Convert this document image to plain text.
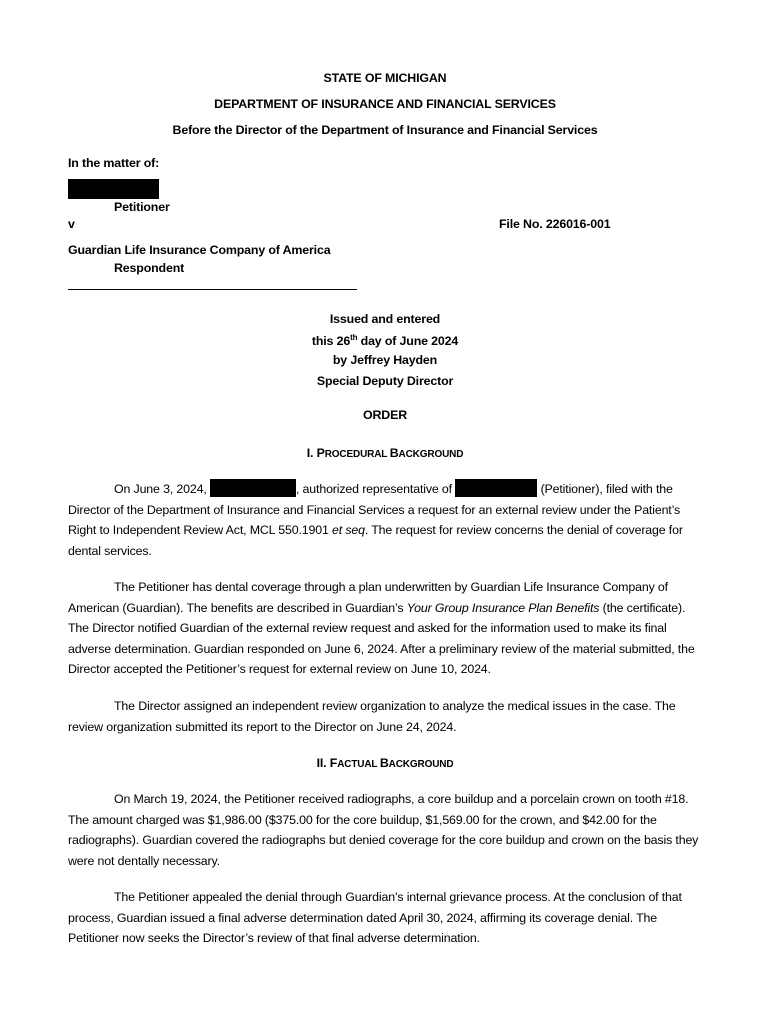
STATE OF MICHIGAN
DEPARTMENT OF INSURANCE AND FINANCIAL SERVICES
Before the Director of the Department of Insurance and Financial Services
In the matter of:
Petitioner
v	File No. 226016-001
Guardian Life Insurance Company of America
Respondent
Issued and entered
this 26th day of June 2024
by Jeffrey Hayden
Special Deputy Director
ORDER
I. PROCEDURAL BACKGROUND

On June 3, 2024,	, authorized representative of	(Petitioner), filed with the Director of the Department of Insurance and Financial Services a request for an external review under the Patient’s Right to Independent Review Act, MCL 550.1901 et seq. The request for review concerns the denial of coverage for dental services.

The Petitioner has dental coverage through a plan underwritten by Guardian Life Insurance Company of American (Guardian). The benefits are described in Guardian’s Your Group Insurance Plan Benefits (the certificate). The Director notified Guardian of the external review request and asked for the information used to make its final adverse determination. Guardian responded on June 6, 2024. After a preliminary review of the material submitted, the Director accepted the Petitioner’s request for external review on June 10, 2024.

The Director assigned an independent review organization to analyze the medical issues in the case. The review organization submitted its report to the Director on June 24, 2024.

II. FACTUAL BACKGROUND

On March 19, 2024, the Petitioner received radiographs, a core buildup and a porcelain crown on tooth #18. The amount charged was $1,986.00 ($375.00 for the core buildup, $1,569.00 for the crown, and $42.00 for the radiographs). Guardian covered the radiographs but denied coverage for the core buildup and crown on the basis they were not dentally necessary.

The Petitioner appealed the denial through Guardian’s internal grievance process. At the conclusion of that process, Guardian issued a final adverse determination dated April 30, 2024, affirming its coverage denial. The Petitioner now seeks the Director’s review of that final adverse determination.
